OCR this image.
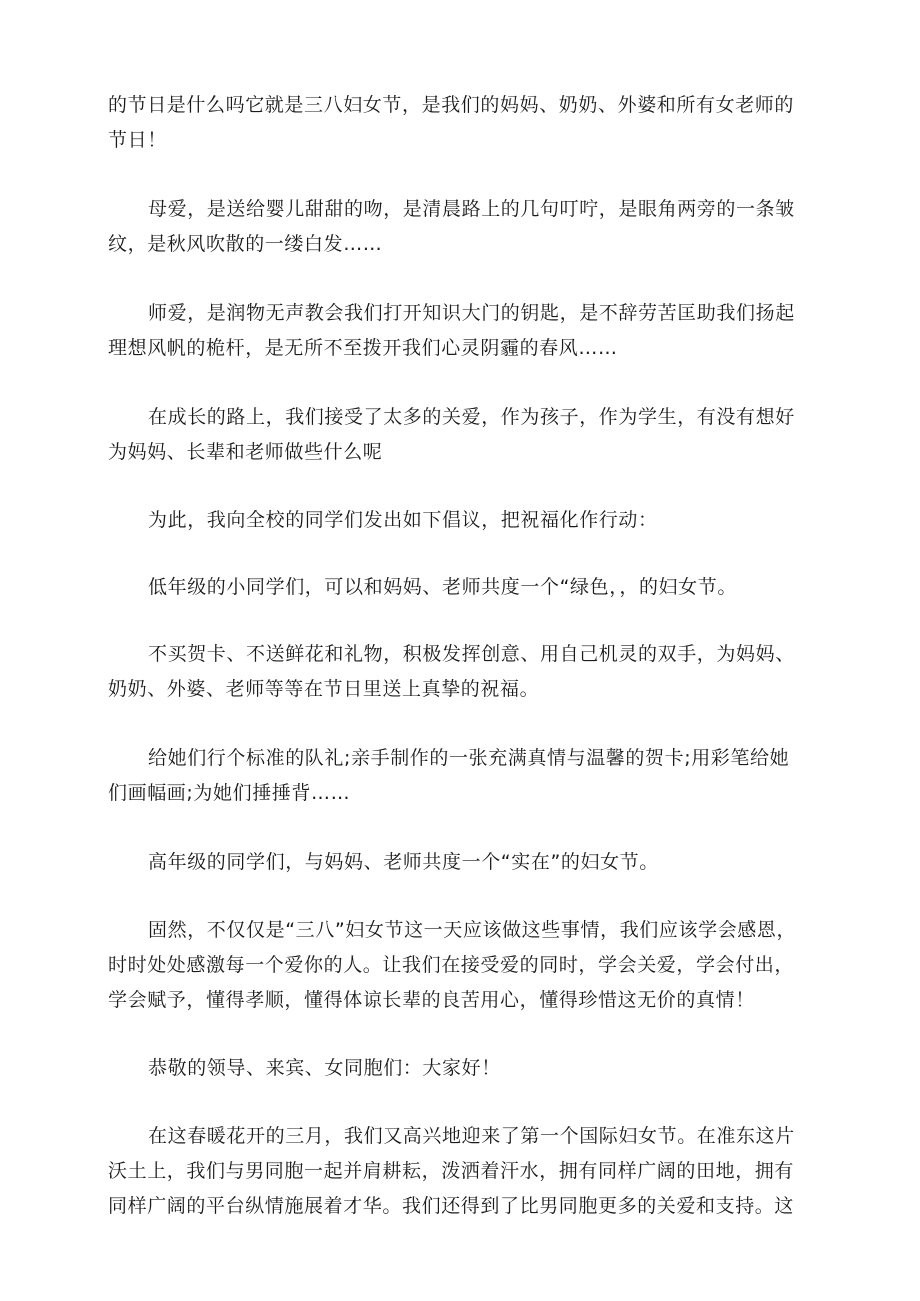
的节日是什么吗它就是三八妇女节，是我们的妈妈、奶奶、外婆和所有女老师的
节日！
母爱，是送给婴儿甜甜的吻，是清晨路上的几句叮咛，是眼角两旁的一条皱
纹，是秋风吹散的一缕白发……
师爱，是润物无声教会我们打开知识大门的钥匙，是不辞劳苦匡助我们扬起
理想风帆的桅杆，是无所不至拨开我们心灵阴霾的春风……
在成长的路上，我们接受了太多的关爱，作为孩子，作为学生，有没有想好
为妈妈、长辈和老师做些什么呢
为此，我向全校的同学们发出如下倡议，把祝福化作行动：
低年级的小同学们，可以和妈妈、老师共度一个“绿色，，的妇女节。
不买贺卡、不送鲜花和礼物，积极发挥创意、用自己机灵的双手，为妈妈、
奶奶、外婆、老师等等在节日里送上真挚的祝福。
给她们行个标准的队礼;亲手制作的一张充满真情与温馨的贺卡;用彩笔给她
们画幅画;为她们捶捶背……
高年级的同学们，与妈妈、老师共度一个“实在”的妇女节。
固然，不仅仅是“三八”妇女节这一天应该做这些事情，我们应该学会感恩，
时时处处感激每一个爱你的人。让我们在接受爱的同时，学会关爱，学会付出，
学会赋予，懂得孝顺，懂得体谅长辈的良苦用心，懂得珍惜这无价的真情！
恭敬的领导、来宾、女同胞们：大家好！
在这春暖花开的三月，我们又高兴地迎来了第一个国际妇女节。在准东这片
沃土上，我们与男同胞一起并肩耕耘，泼洒着汗水，拥有同样广阔的田地，拥有
同样广阔的平台纵情施展着才华。我们还得到了比男同胞更多的关爱和支持。这
